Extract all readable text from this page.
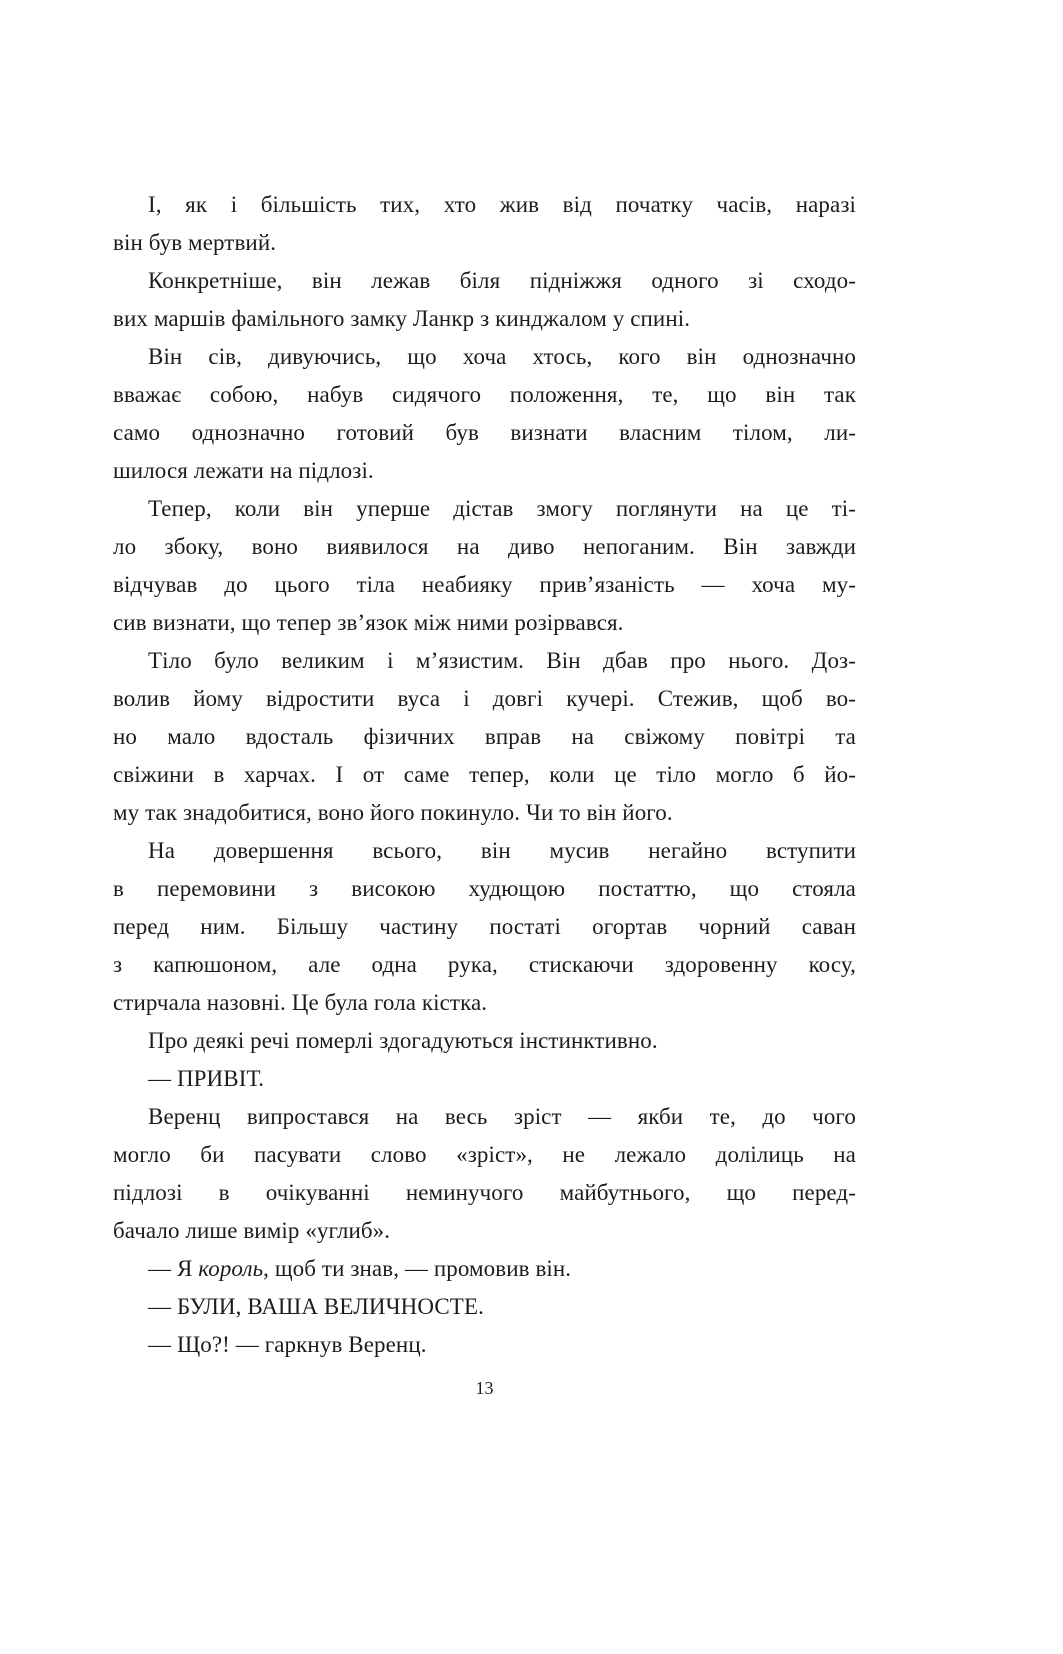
І, як і більшість тих, хто жив від початку часів, наразі
він був мертвий.
Конкретніше, він лежав біля підніжжя одного зі сходо-
вих маршів фамільного замку Ланкр з кинджалом у спині.
Він сів, дивуючись, що хоча хтось, кого він однозначно
вважає собою, набув сидячого положення, те, що він так
само однозначно готовий був визнати власним тілом, ли-
шилося лежати на підлозі.
Тепер, коли він уперше дістав змогу поглянути на це ті-
ло збоку, воно виявилося на диво непоганим. Він завжди
відчував до цього тіла неабияку прив’язаність — хоча му-
сив визнати, що тепер зв’язок між ними розірвався.
Тіло було великим і м’язистим. Він дбав про нього. Доз-
волив йому відростити вуса і довгі кучері. Стежив, щоб во-
но мало вдосталь фізичних вправ на свіжому повітрі та
свіжини в харчах. І от саме тепер, коли це тіло могло б йо-
му так знадобитися, воно його покинуло. Чи то він його.
На довершення всього, він мусив негайно вступити
в перемовини з високою худющою постаттю, що стояла
перед ним. Більшу частину постаті огортав чорний саван
з капюшоном, але одна рука, стискаючи здоровенну косу,
стирчала назовні. Це була гола кістка.
Про деякі речі померлі здогадуються інстинктивно.
— ПРИВІТ.
Веренц випростався на весь зріст — якби те, до чого
могло би пасувати слово «зріст», не лежало долілиць на
підлозі в очікуванні неминучого майбутнього, що перед-
бачало лише вимір «углиб».
— Я король, щоб ти знав, — промовив він.
— БУЛИ, ВАША ВЕЛИЧНОСТЕ.
— Що?! — гаркнув Веренц.
13
